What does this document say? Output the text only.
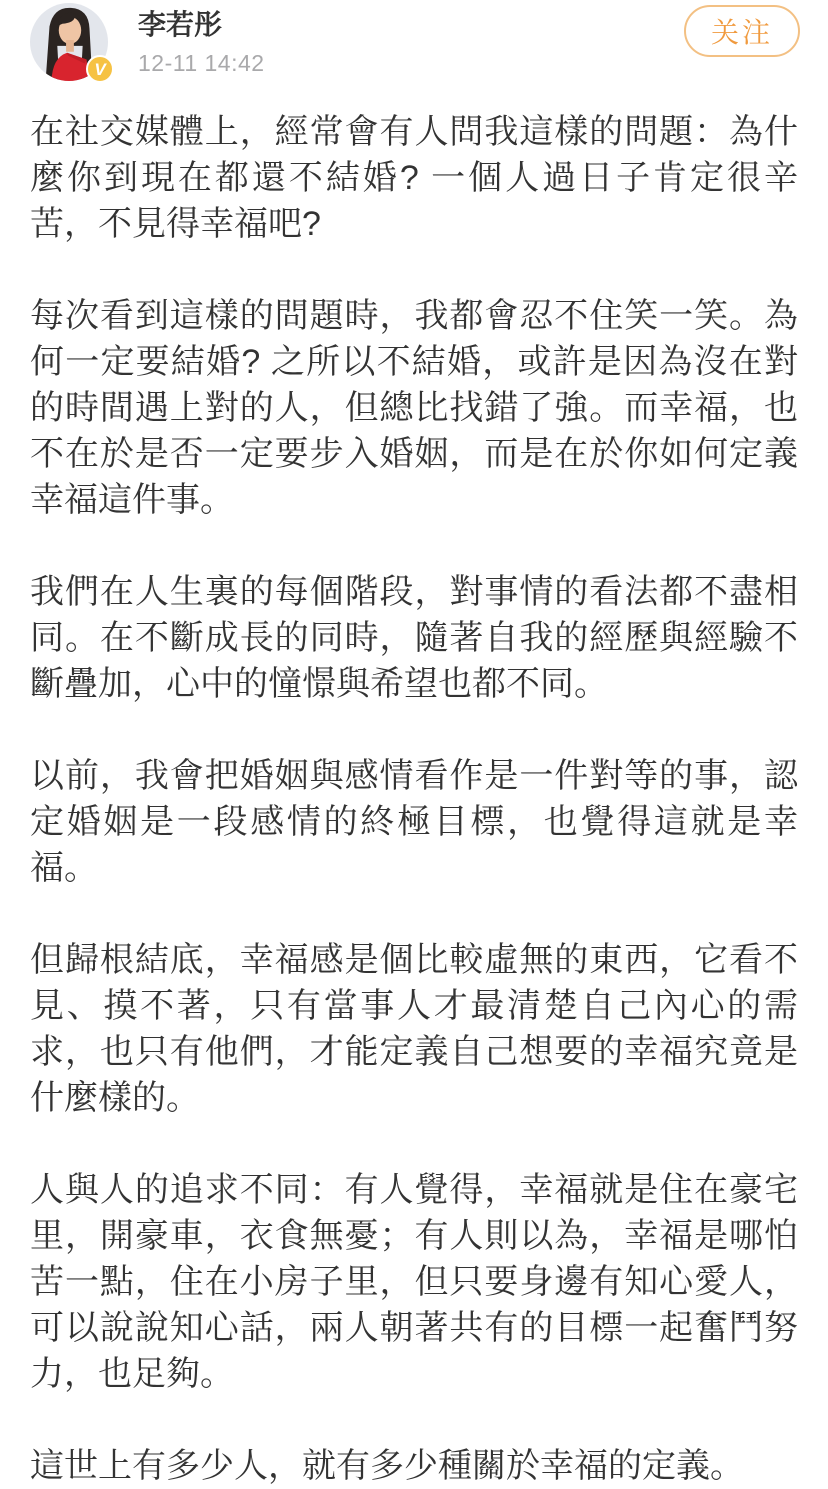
V
李若彤
12-11 14:42
关注

在社交媒體上，經常會有人問我這樣的問題：為什麼你到現在都還不結婚? 一個人過日子肯定很辛苦，不見得幸福吧?

每次看到這樣的問題時，我都會忍不住笑一笑。為何一定要結婚? 之所以不結婚，或許是因為沒在對的時間遇上對的人，但總比找錯了強。而幸福，也不在於是否一定要步入婚姻，而是在於你如何定義幸福這件事。

我們在人生裏的每個階段，對事情的看法都不盡相同。在不斷成長的同時，隨著自我的經歷與經驗不斷疊加，心中的憧憬與希望也都不同。

以前，我會把婚姻與感情看作是一件對等的事，認定婚姻是一段感情的終極目標，也覺得這就是幸福。

但歸根結底，幸福感是個比較虛無的東西，它看不見、摸不著，只有當事人才最清楚自己內心的需求，也只有他們，才能定義自己想要的幸福究竟是什麼樣的。

人與人的追求不同：有人覺得，幸福就是住在豪宅里，開豪車，衣食無憂；有人則以為，幸福是哪怕苦一點，住在小房子里，但只要身邊有知心愛人，可以說說知心話，兩人朝著共有的目標一起奮鬥努力，也足夠。

這世上有多少人，就有多少種關於幸福的定義。
